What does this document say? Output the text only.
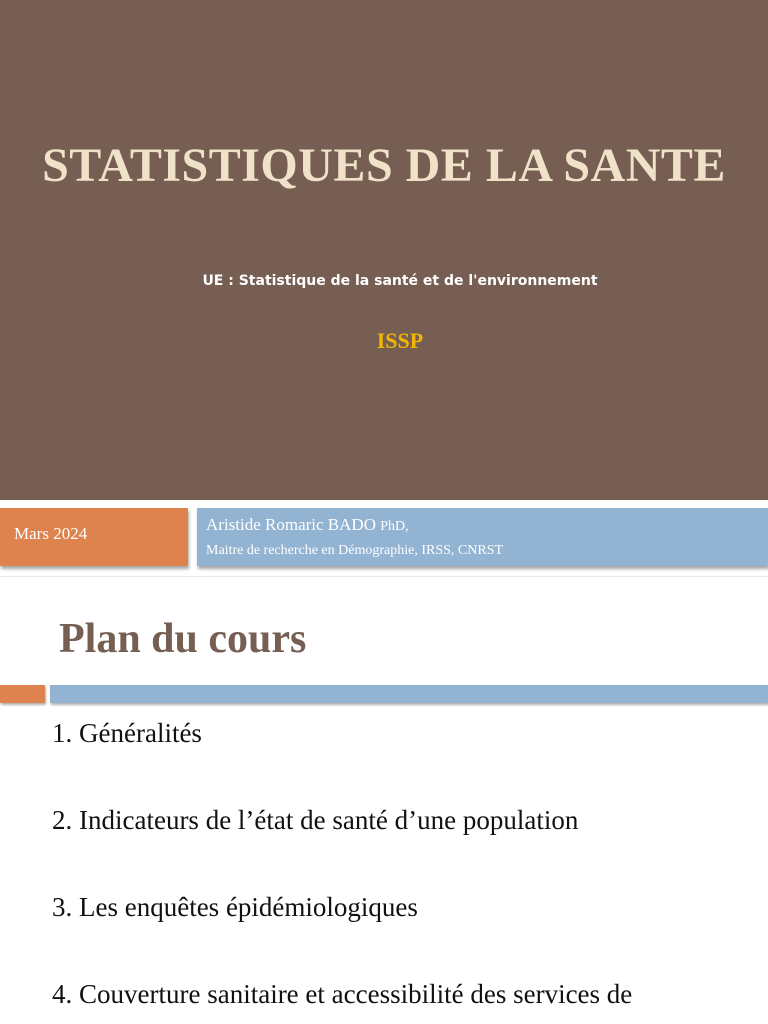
STATISTIQUES DE LA SANTE
UE : Statistique de la santé et de l'environnement
ISSP
Mars 2024	Aristide Romaric BADO PhD,
Maitre de recherche en Démographie, IRSS, CNRST
Plan du cours
1. Généralités
2. Indicateurs de l’état de santé d’une population
3. Les enquêtes épidémiologiques
4. Couverture sanitaire et accessibilité des services de
